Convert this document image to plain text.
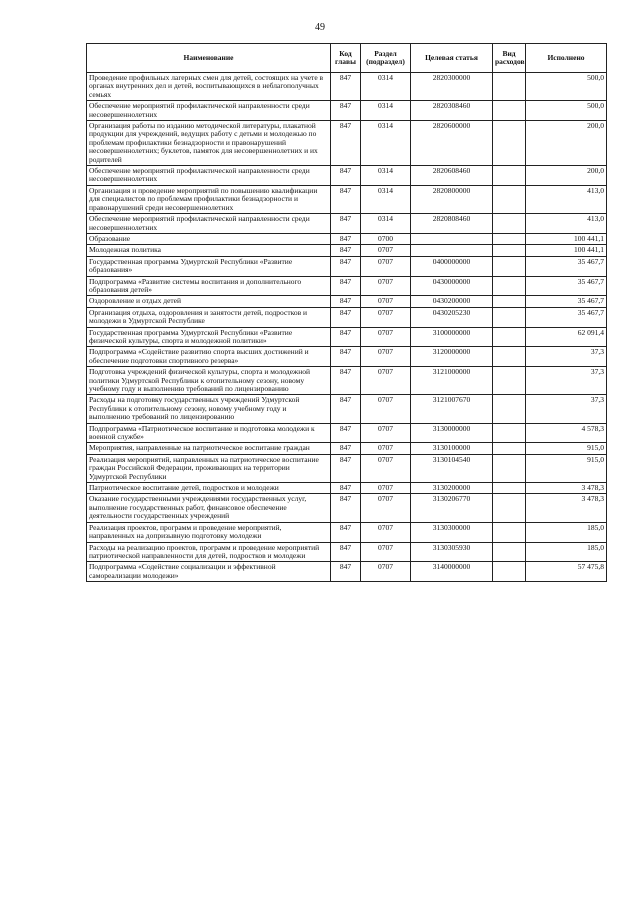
49
Наименование	Код главы	Раздел (подраздел)	Целевая статья	Вид расходов	Исполнено
Проведение профильных лагерных смен для детей, состоящих на учете в органах внутренних дел и детей, воспитывающихся в неблагополучных семьях	847	0314	2820300000		500,0
Обеспечение мероприятий профилактической направленности среди несовершеннолетних	847	0314	2820308460		500,0
Организация работы по изданию методической литературы, плакатной продукции для учреждений, ведущих работу с детьми и молодежью по проблемам профилактики безнадзорности и правонарушений несовершеннолетних; буклетов, памяток для несовершеннолетних и их родителей	847	0314	2820600000		200,0
Обеспечение мероприятий профилактической направленности среди несовершеннолетних	847	0314	2820608460		200,0
Организация и проведение мероприятий по повышению квалификации для специалистов по проблемам профилактики безнадзорности и правонарушений среди несовершеннолетних	847	0314	2820800000		413,0
Обеспечение мероприятий профилактической направленности среди несовершеннолетних	847	0314	2820808460		413,0
Образование	847	0700			100 441,1
Молодежная политика	847	0707			100 441,1
Государственная программа Удмуртской Республики «Развитие образования»	847	0707	0400000000		35 467,7
Подпрограмма «Развитие системы воспитания и дополнительного образования детей»	847	0707	0430000000		35 467,7
Оздоровление и отдых детей	847	0707	0430200000		35 467,7
Организация отдыха, оздоровления и занятости детей, подростков и молодежи в Удмуртской Республике	847	0707	0430205230		35 467,7
Государственная программа Удмуртской Республики «Развитие физической культуры, спорта и молодежной политики»	847	0707	3100000000		62 091,4
Подпрограмма «Содействие развитию спорта высших достижений и обеспечение подготовки спортивного резерва»	847	0707	3120000000		37,3
Подготовка учреждений физической культуры, спорта и молодежной политики Удмуртской Республики к отопительному сезону, новому учебному году и выполнению требований по лицензированию	847	0707	3121000000		37,3
Расходы на подготовку государственных учреждений Удмуртской Республики к отопительному сезону, новому учебному году и выполнению требований по лицензированию	847	0707	3121007670		37,3
Подпрограмма «Патриотическое воспитание и подготовка молодежи к военной службе»	847	0707	3130000000		4 578,3
Мероприятия, направленные на патриотическое воспитание граждан	847	0707	3130100000		915,0
Реализация мероприятий, направленных на патриотическое воспитание граждан Российской Федерации, проживающих на территории Удмуртской Республики	847	0707	3130104540		915,0
Патриотическое воспитание детей, подростков и молодежи	847	0707	3130200000		3 478,3
Оказание государственными учреждениями государственных услуг, выполнение государственных работ, финансовое обеспечение деятельности государственных учреждений	847	0707	3130206770		3 478,3
Реализация проектов, программ и проведение мероприятий, направленных на допризывную подготовку молодежи	847	0707	3130300000		185,0
Расходы на реализацию проектов, программ и проведение мероприятий патриотической направленности для детей, подростков и молодежи	847	0707	3130305930		185,0
Подпрограмма «Содействие социализации и эффективной самореализации молодежи»	847	0707	3140000000		57 475,8
